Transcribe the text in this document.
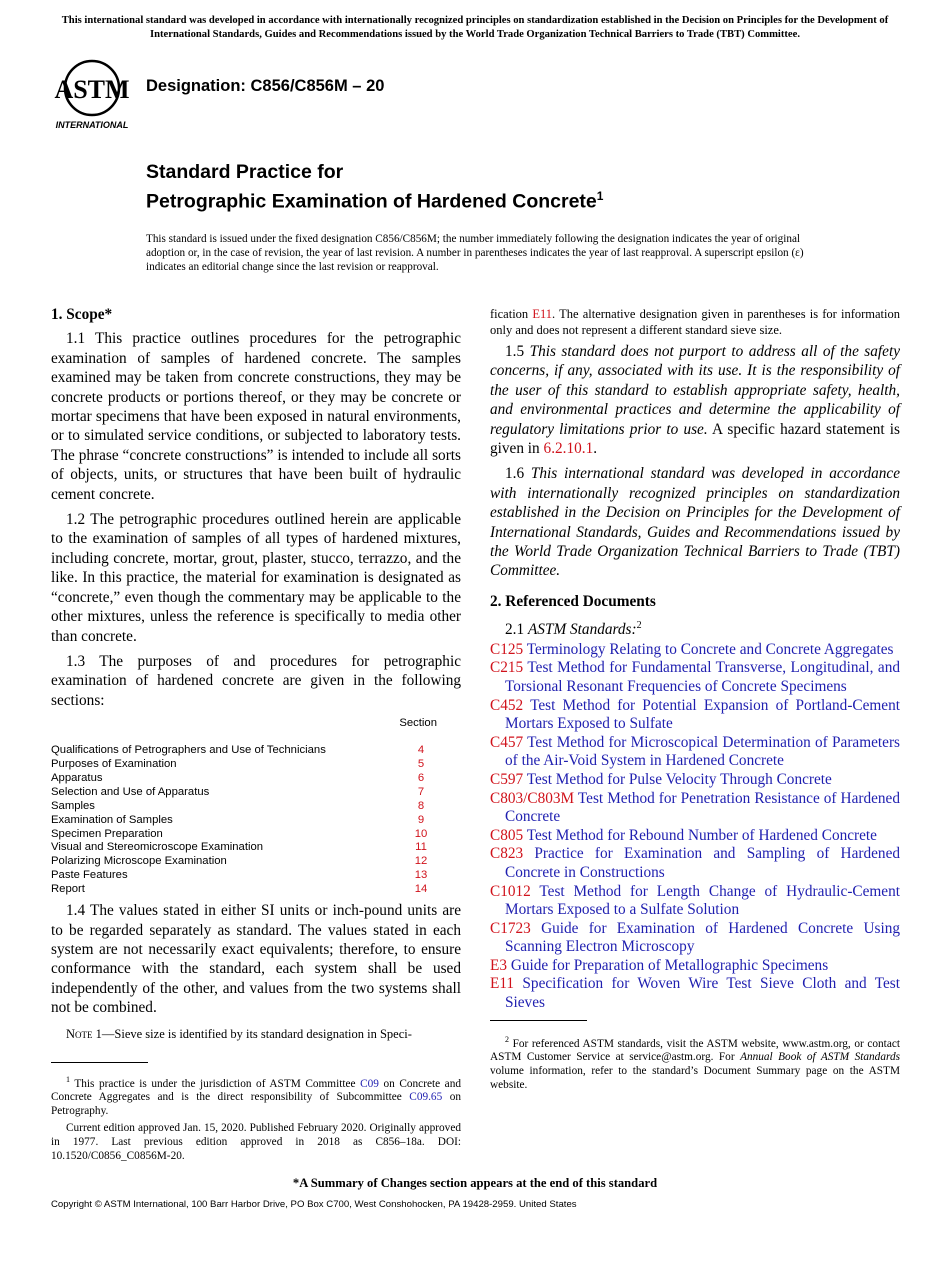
This international standard was developed in accordance with internationally recognized principles on standardization established in the Decision on Principles for the Development of International Standards, Guides and Recommendations issued by the World Trade Organization Technical Barriers to Trade (TBT) Committee.
ASTM
INTERNATIONAL
Designation: C856/C856M – 20
Standard Practice for
Petrographic Examination of Hardened Concrete$^1$
This standard is issued under the fixed designation C856/C856M; the number immediately following the designation indicates the year of original adoption or, in the case of revision, the year of last revision. A number in parentheses indicates the year of last reapproval. A superscript epsilon (ε) indicates an editorial change since the last revision or reapproval.
1. Scope*

1.1 This practice outlines procedures for the petrographic examination of samples of hardened concrete. The samples examined may be taken from concrete constructions, they may be concrete products or portions thereof, or they may be concrete or mortar specimens that have been exposed in natural environments, or to simulated service conditions, or subjected to laboratory tests. The phrase “concrete constructions” is intended to include all sorts of objects, units, or structures that have been built of hydraulic cement concrete.

1.2 The petrographic procedures outlined herein are applicable to the examination of samples of all types of hardened mixtures, including concrete, mortar, grout, plaster, stucco, terrazzo, and the like. In this practice, the material for examination is designated as “concrete,” even though the commentary may be applicable to the other mixtures, unless the reference is specifically to media other than concrete.

1.3 The purposes of and procedures for petrographic examination of hardened concrete are given in the following sections:

Section
Qualifications of Petrographers and Use of Technicians	4
Purposes of Examination	5
Apparatus	6
Selection and Use of Apparatus	7
Samples	8
Examination of Samples	9
Specimen Preparation	10
Visual and Stereomicroscope Examination	11
Polarizing Microscope Examination	12
Paste Features	13
Report	14

1.4 The values stated in either SI units or inch-pound units are to be regarded separately as standard. The values stated in each system are not necessarily exact equivalents; therefore, to ensure conformance with the standard, each system shall be used independently of the other, and values from the two systems shall not be combined.

Note 1—Sieve size is identified by its standard designation in Speci-

$^1$ This practice is under the jurisdiction of ASTM Committee C09 on Concrete and Concrete Aggregates and is the direct responsibility of Subcommittee C09.65 on Petrography.

Current edition approved Jan. 15, 2020. Published February 2020. Originally approved in 1977. Last previous edition approved in 2018 as C856–18a. DOI: 10.1520/C0856_C0856M-20.

fication E11. The alternative designation given in parentheses is for information only and does not represent a different standard sieve size.

1.5 This standard does not purport to address all of the safety concerns, if any, associated with its use. It is the responsibility of the user of this standard to establish appropriate safety, health, and environmental practices and determine the applicability of regulatory limitations prior to use. A specific hazard statement is given in 6.2.10.1.

1.6 This international standard was developed in accordance with internationally recognized principles on standardization established in the Decision on Principles for the Development of International Standards, Guides and Recommendations issued by the World Trade Organization Technical Barriers to Trade (TBT) Committee.

2. Referenced Documents

2.1 ASTM Standards:$^2$

C125 Terminology Relating to Concrete and Concrete Aggregates

C215 Test Method for Fundamental Transverse, Longitudinal, and Torsional Resonant Frequencies of Concrete Specimens

C452 Test Method for Potential Expansion of Portland-Cement Mortars Exposed to Sulfate

C457 Test Method for Microscopical Determination of Parameters of the Air-Void System in Hardened Concrete

C597 Test Method for Pulse Velocity Through Concrete

C803/C803M Test Method for Penetration Resistance of Hardened Concrete

C805 Test Method for Rebound Number of Hardened Concrete

C823 Practice for Examination and Sampling of Hardened Concrete in Constructions

C1012 Test Method for Length Change of Hydraulic-Cement Mortars Exposed to a Sulfate Solution

C1723 Guide for Examination of Hardened Concrete Using Scanning Electron Microscopy

E3 Guide for Preparation of Metallographic Specimens

E11 Specification for Woven Wire Test Sieve Cloth and Test Sieves

$^2$ For referenced ASTM standards, visit the ASTM website, www.astm.org, or contact ASTM Customer Service at service@astm.org. For Annual Book of ASTM Standards volume information, refer to the standard’s Document Summary page on the ASTM website.

*A Summary of Changes section appears at the end of this standard
Copyright © ASTM International, 100 Barr Harbor Drive, PO Box C700, West Conshohocken, PA 19428-2959. United States
